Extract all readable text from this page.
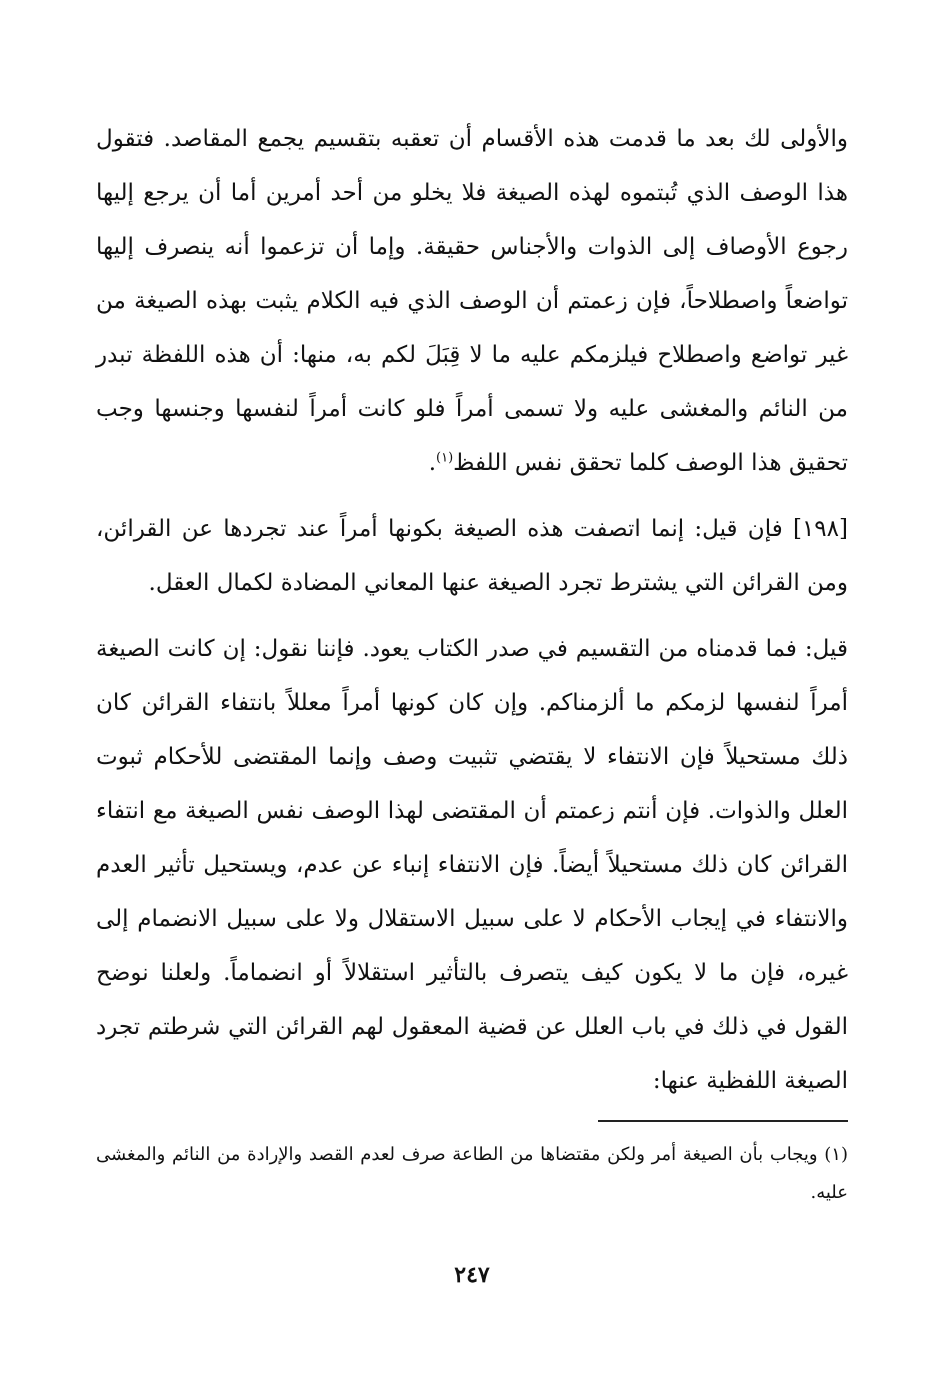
والأولى لك بعد ما قدمت هذه الأقسام أن تعقبه بتقسيم يجمع المقاصد. فتقول هذا الوصف الذي تُبتموه لهذه الصيغة فلا يخلو من أحد أمرين أما أن يرجع إليها رجوع الأوصاف إلى الذوات والأجناس حقيقة. وإما أن تزعموا أنه ينصرف إليها تواضعاً واصطلاحاً، فإن زعمتم أن الوصف الذي فيه الكلام يثبت بهذه الصيغة من غير تواضع واصطلاح فيلزمكم عليه ما لا قِبَلَ لكم به، منها: أن هذه اللفظة تبدر من النائم والمغشى عليه ولا تسمى أمراً فلو كانت أمراً لنفسها وجنسها وجب تحقيق هذا الوصف كلما تحقق نفس اللفظ$^{(١)}$.

[١٩٨] فإن قيل: إنما اتصفت هذه الصيغة بكونها أمراً عند تجردها عن القرائن، ومن القرائن التي يشترط تجرد الصيغة عنها المعاني المضادة لكمال العقل.

قيل: فما قدمناه من التقسيم في صدر الكتاب يعود. فإننا نقول: إن كانت الصيغة أمراً لنفسها لزمكم ما ألزمناكم. وإن كان كونها أمراً معللاً بانتفاء القرائن كان ذلك مستحيلاً فإن الانتفاء لا يقتضي تثبيت وصف وإنما المقتضى للأحكام ثبوت العلل والذوات. فإن أنتم زعمتم أن المقتضى لهذا الوصف نفس الصيغة مع انتفاء القرائن كان ذلك مستحيلاً أيضاً. فإن الانتفاء إنباء عن عدم، ويستحيل تأثير العدم والانتفاء في إيجاب الأحكام لا على سبيل الاستقلال ولا على سبيل الانضمام إلى غيره، فإن ما لا يكون كيف يتصرف بالتأثير استقلالاً أو انضماماً. ولعلنا نوضح القول في ذلك في باب العلل عن قضية المعقول لهم القرائن التي شرطتم تجرد الصيغة اللفظية عنها:

(١) ويجاب بأن الصيغة أمر ولكن مقتضاها من الطاعة صرف لعدم القصد والإرادة من النائم والمغشى عليه.

٢٤٧
